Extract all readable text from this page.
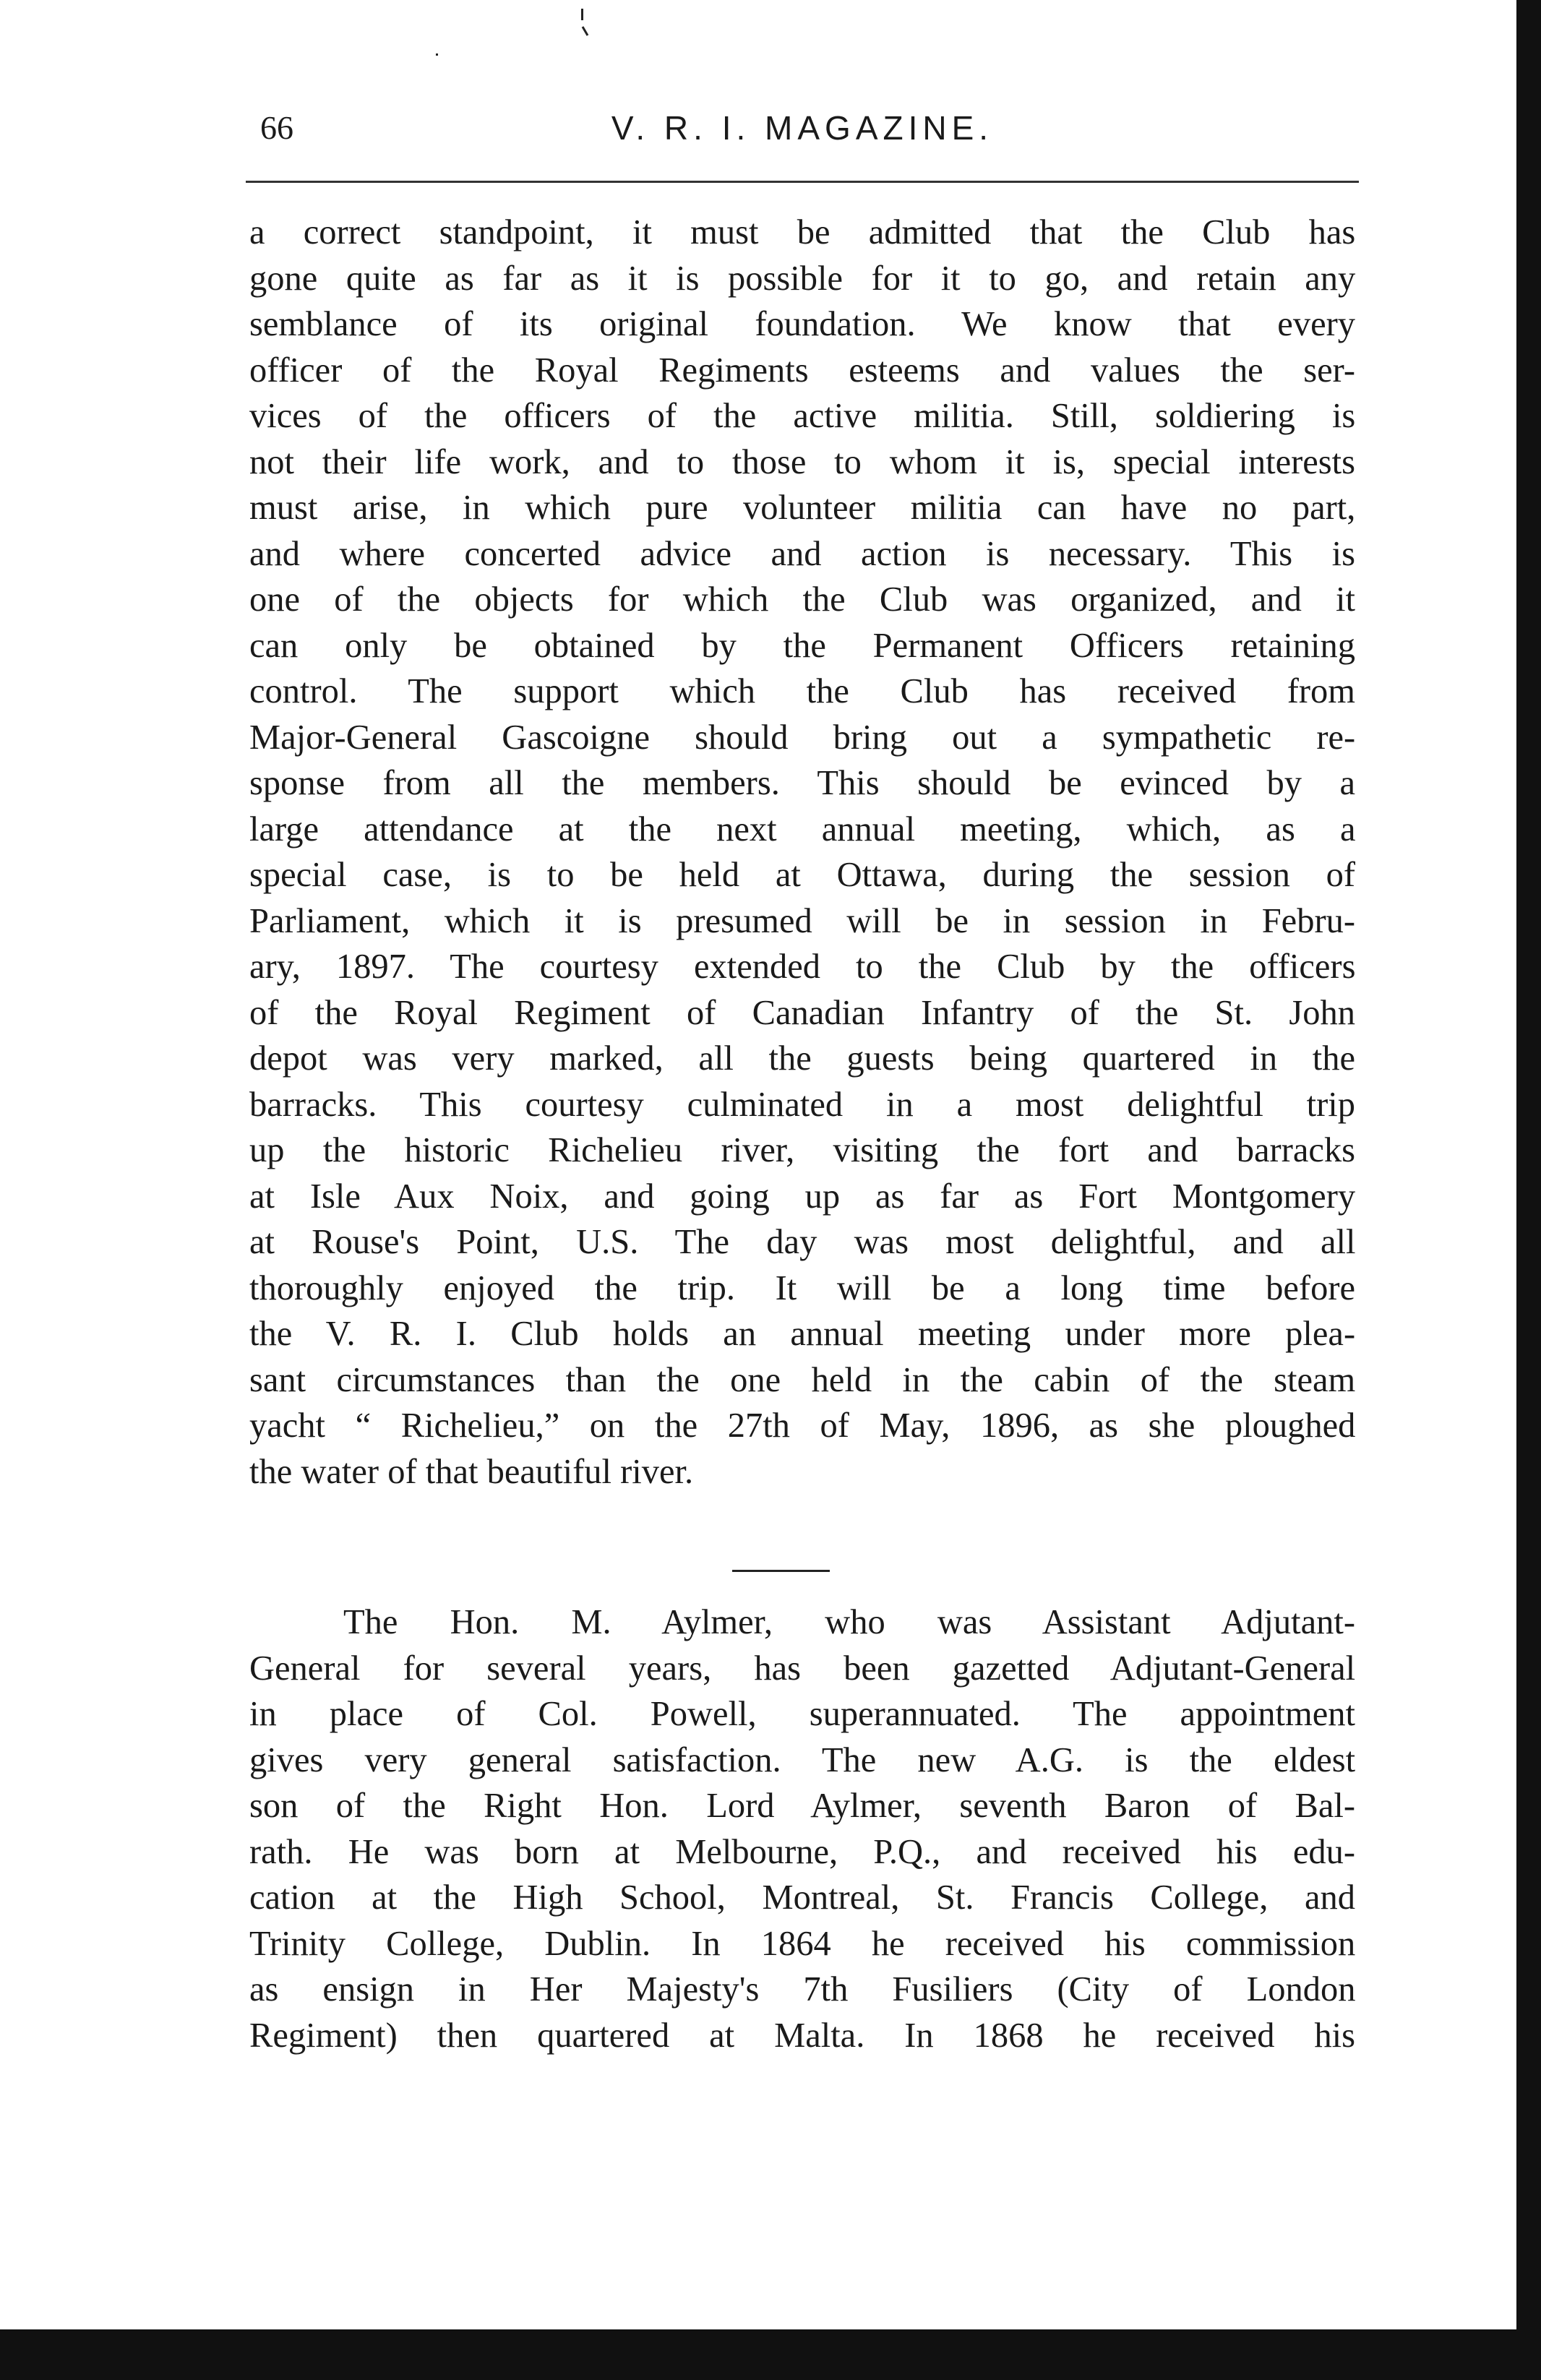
66	V. R. I. MAGAZINE.
a correct standpoint, it must be admitted that the Club has
gone quite as far as it is possible for it to go, and retain any
semblance of its original foundation. We know that every
officer of the Royal Regiments esteems and values the ser-
vices of the officers of the active militia. Still, soldiering is
not their life work, and to those to whom it is, special interests
must arise, in which pure volunteer militia can have no part,
and where concerted advice and action is necessary. This is
one of the objects for which the Club was organized, and it
can only be obtained by the Permanent Officers retaining
control. The support which the Club has received from
Major-General Gascoigne should bring out a sympathetic re-
sponse from all the members. This should be evinced by a
large attendance at the next annual meeting, which, as a
special case, is to be held at Ottawa, during the session of
Parliament, which it is presumed will be in session in Febru-
ary, 1897. The courtesy extended to the Club by the officers
of the Royal Regiment of Canadian Infantry of the St. John
depot was very marked, all the guests being quartered in the
barracks. This courtesy culminated in a most delightful trip
up the historic Richelieu river, visiting the fort and barracks
at Isle Aux Noix, and going up as far as Fort Montgomery
at Rouse's Point, U.S. The day was most delightful, and all
thoroughly enjoyed the trip. It will be a long time before
the V. R. I. Club holds an annual meeting under more plea-
sant circumstances than the one held in the cabin of the steam
yacht “ Richelieu,” on the 27th of May, 1896, as she ploughed
the water of that beautiful river.
The Hon. M. Aylmer, who was Assistant Adjutant-
General for several years, has been gazetted Adjutant-General
in place of Col. Powell, superannuated. The appointment
gives very general satisfaction. The new A.G. is the eldest
son of the Right Hon. Lord Aylmer, seventh Baron of Bal-
rath. He was born at Melbourne, P.Q., and received his edu-
cation at the High School, Montreal, St. Francis College, and
Trinity College, Dublin. In 1864 he received his commission
as ensign in Her Majesty's 7th Fusiliers (City of London
Regiment) then quartered at Malta. In 1868 he received his
